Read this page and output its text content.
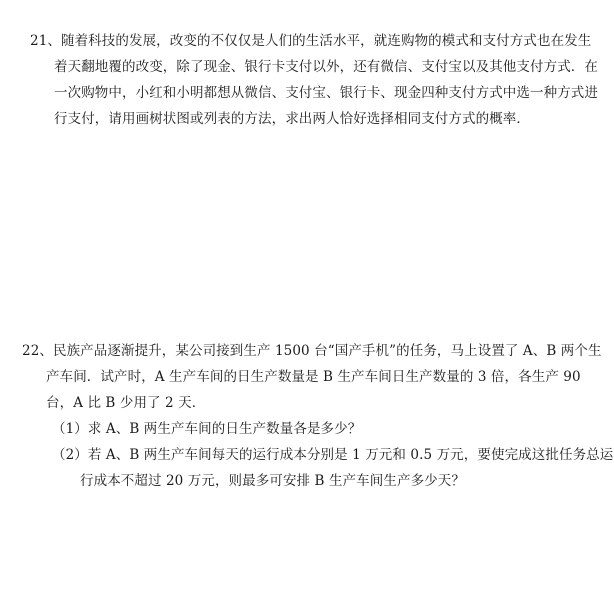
21、随着科技的发展，改变的不仅仅是人们的生活水平，就连购物的模式和支付方式也在发生
着天翻地覆的改变，除了现金、银行卡支付以外，还有微信、支付宝以及其他支付方式．在
一次购物中，小红和小明都想从微信、支付宝、银行卡、现金四种支付方式中选一种方式进
行支付，请用画树状图或列表的方法，求出两人恰好选择相同支付方式的概率．
22、民族产品逐渐提升，某公司接到生产 1500 台“国产手机”的任务，马上设置了 A、B 两个生
产车间．试产时，A 生产车间的日生产数量是 B 生产车间日生产数量的 3 倍，各生产 90
台，A 比 B 少用了 2 天．
（1）求 A、B 两生产车间的日生产数量各是多少？
（2）若 A、B 两生产车间每天的运行成本分别是 1 万元和 0.5 万元，要使完成这批任务总运
行成本不超过 20 万元，则最多可安排 B 生产车间生产多少天？
